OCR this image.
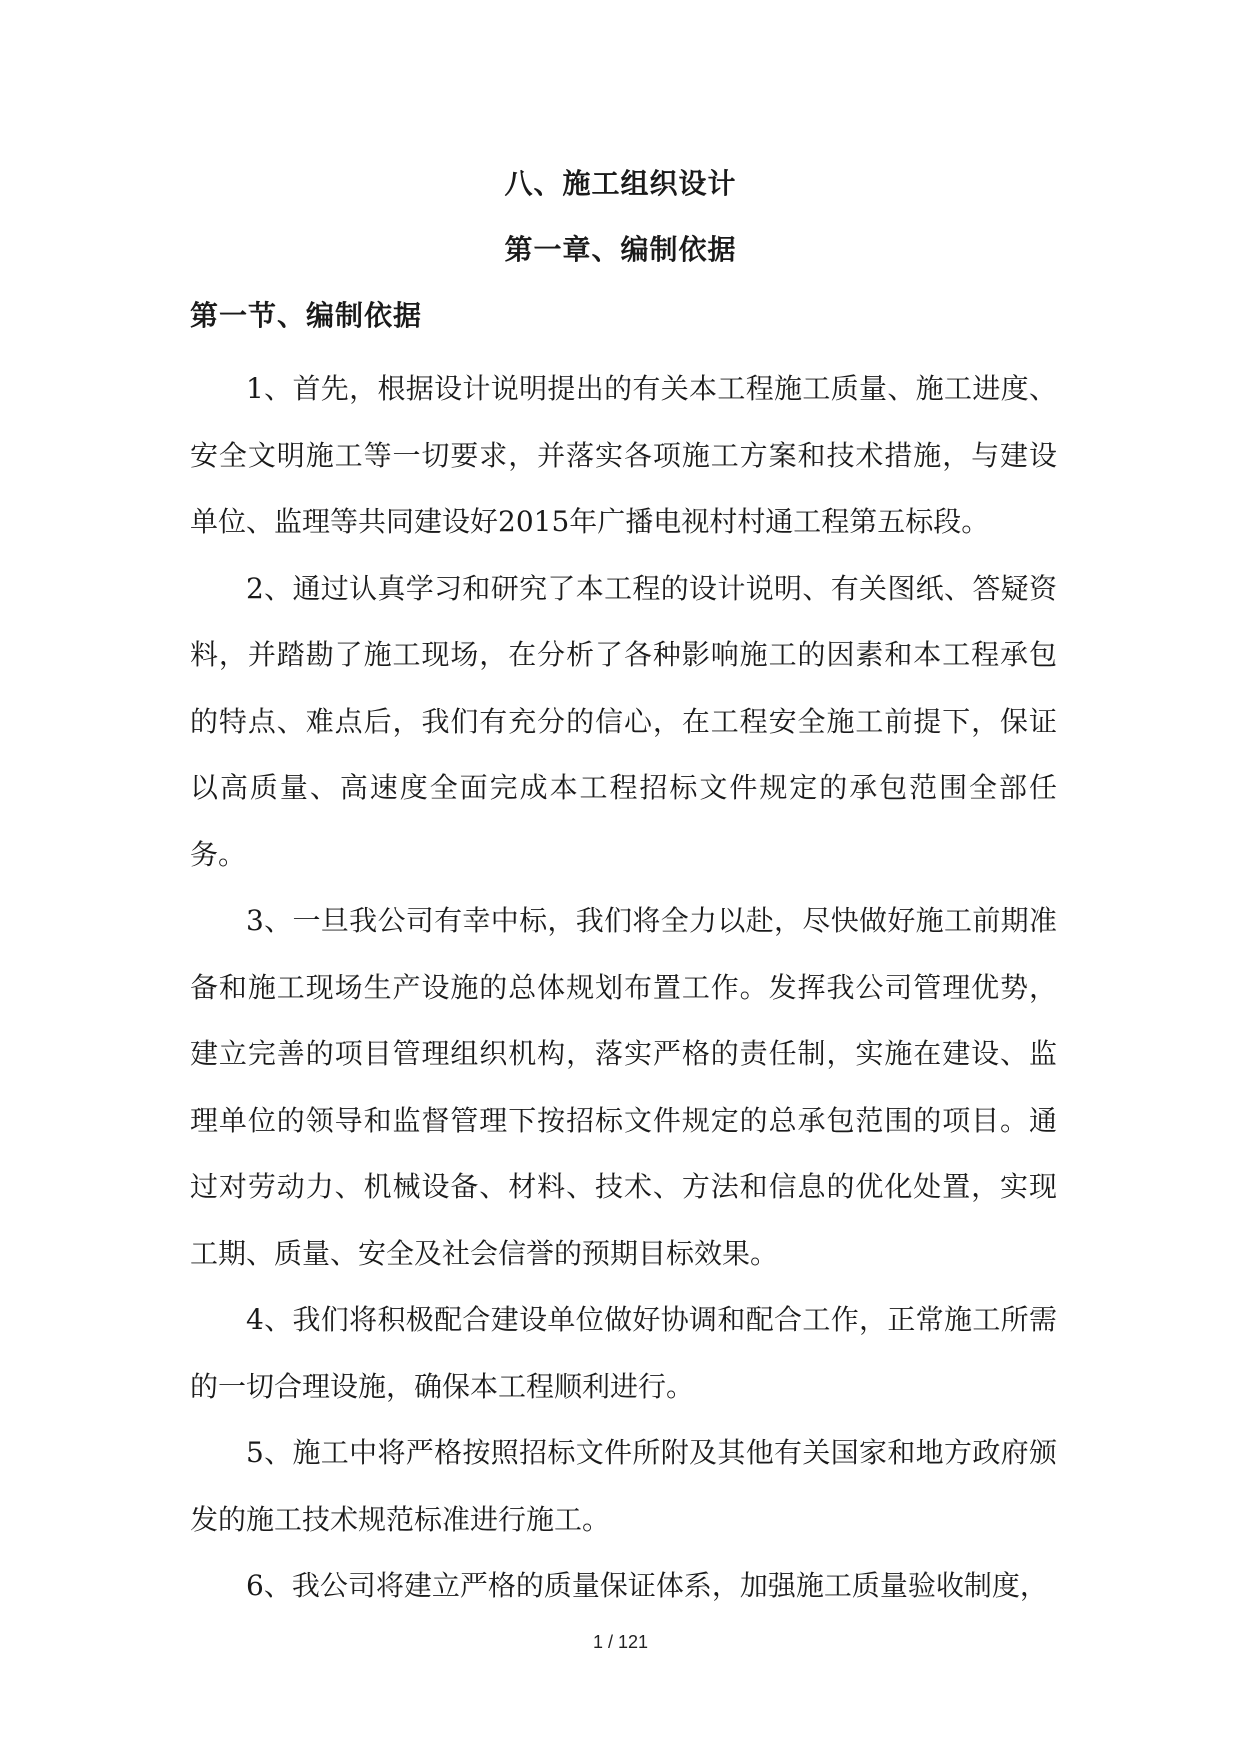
八、施工组织设计
第一章、编制依据
第一节、编制依据

1、首先，根据设计说明提出的有关本工程施工质量、施工进度、安全文明施工等一切要求，并落实各项施工方案和技术措施，与建设单位、监理等共同建设好2015年广播电视村村通工程第五标段。

2、通过认真学习和研究了本工程的设计说明、有关图纸、答疑资料，并踏勘了施工现场，在分析了各种影响施工的因素和本工程承包的特点、难点后，我们有充分的信心，在工程安全施工前提下，保证以高质量、高速度全面完成本工程招标文件规定的承包范围全部任务。

3、一旦我公司有幸中标，我们将全力以赴，尽快做好施工前期准备和施工现场生产设施的总体规划布置工作。发挥我公司管理优势，建立完善的项目管理组织机构，落实严格的责任制，实施在建设、监理单位的领导和监督管理下按招标文件规定的总承包范围的项目。通过对劳动力、机械设备、材料、技术、方法和信息的优化处置，实现工期、质量、安全及社会信誉的预期目标效果。

4、我们将积极配合建设单位做好协调和配合工作，正常施工所需的一切合理设施，确保本工程顺利进行。

5、施工中将严格按照招标文件所附及其他有关国家和地方政府颁发的施工技术规范标准进行施工。

6、我公司将建立严格的质量保证体系，加强施工质量验收制度，

1 / 121
